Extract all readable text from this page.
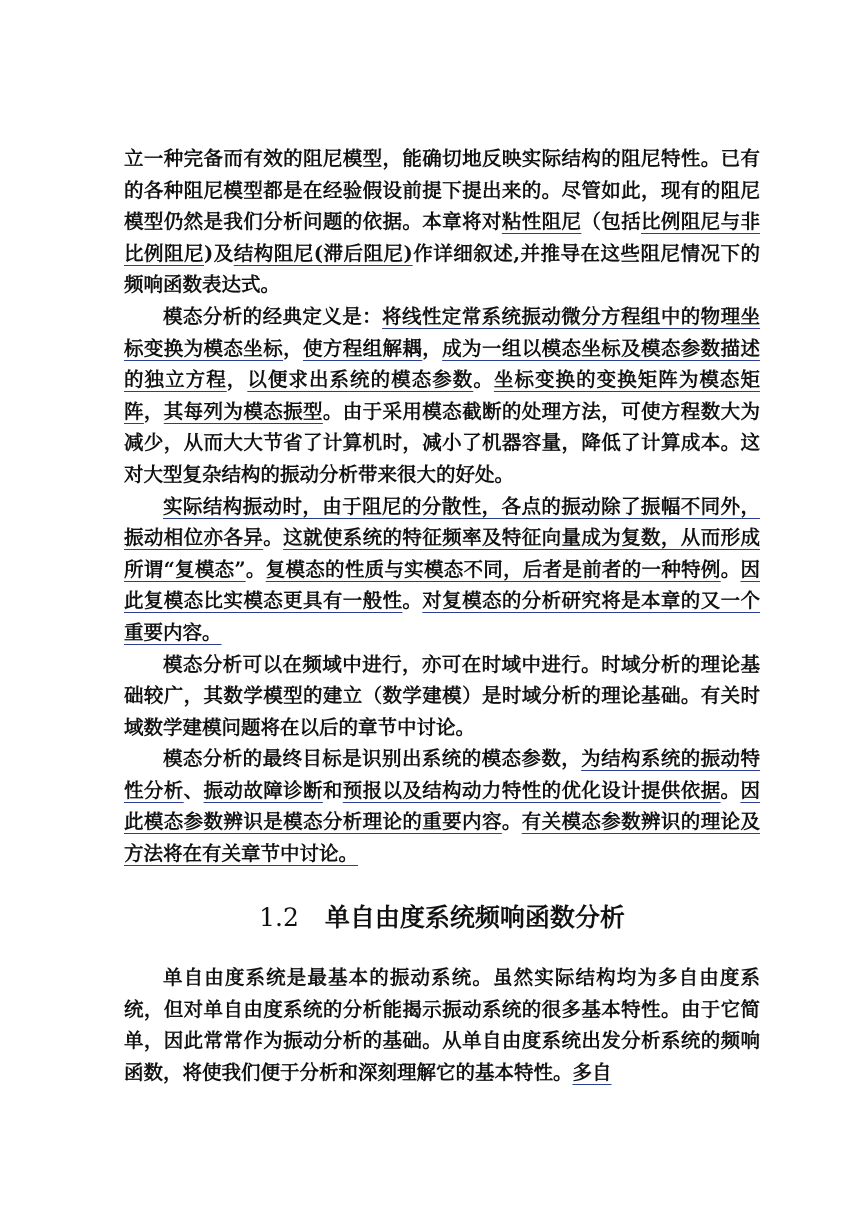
立一种完备而有效的阻尼模型，能确切地反映实际结构的阻尼特性。已有的各种阻尼模型都是在经验假设前提下提出来的。尽管如此，现有的阻尼模型仍然是我们分析问题的依据。本章将对粘性阻尼（包括比例阻尼与非比例阻尼)及结构阻尼(滞后阻尼)作详细叙述,并推导在这些阻尼情况下的频响函数表达式。

模态分析的经典定义是：将线性定常系统振动微分方程组中的物理坐标变换为模态坐标，使方程组解耦，成为一组以模态坐标及模态参数描述的独立方程，以便求出系统的模态参数。坐标变换的变换矩阵为模态矩阵，其每列为模态振型。由于采用模态截断的处理方法，可使方程数大为减少，从而大大节省了计算机时，减小了机器容量，降低了计算成本。这对大型复杂结构的振动分析带来很大的好处。

实际结构振动时，由于阻尼的分散性，各点的振动除了振幅不同外，振动相位亦各异。这就使系统的特征频率及特征向量成为复数，从而形成所谓“复模态”。复模态的性质与实模态不同，后者是前者的一种特例。因此复模态比实模态更具有一般性。对复模态的分析研究将是本章的又一个重要内容。

模态分析可以在频域中进行，亦可在时域中进行。时域分析的理论基础较广，其数学模型的建立（数学建模）是时域分析的理论基础。有关时域数学建模问题将在以后的章节中讨论。

模态分析的最终目标是识别出系统的模态参数，为结构系统的振动特性分析、振动故障诊断和预报以及结构动力特性的优化设计提供依据。因此模态参数辨识是模态分析理论的重要内容。有关模态参数辨识的理论及方法将在有关章节中讨论。

1.2 单自由度系统频响函数分析

单自由度系统是最基本的振动系统。虽然实际结构均为多自由度系统，但对单自由度系统的分析能揭示振动系统的很多基本特性。由于它简单，因此常常作为振动分析的基础。从单自由度系统出发分析系统的频响函数，将使我们便于分析和深刻理解它的基本特性。多自
